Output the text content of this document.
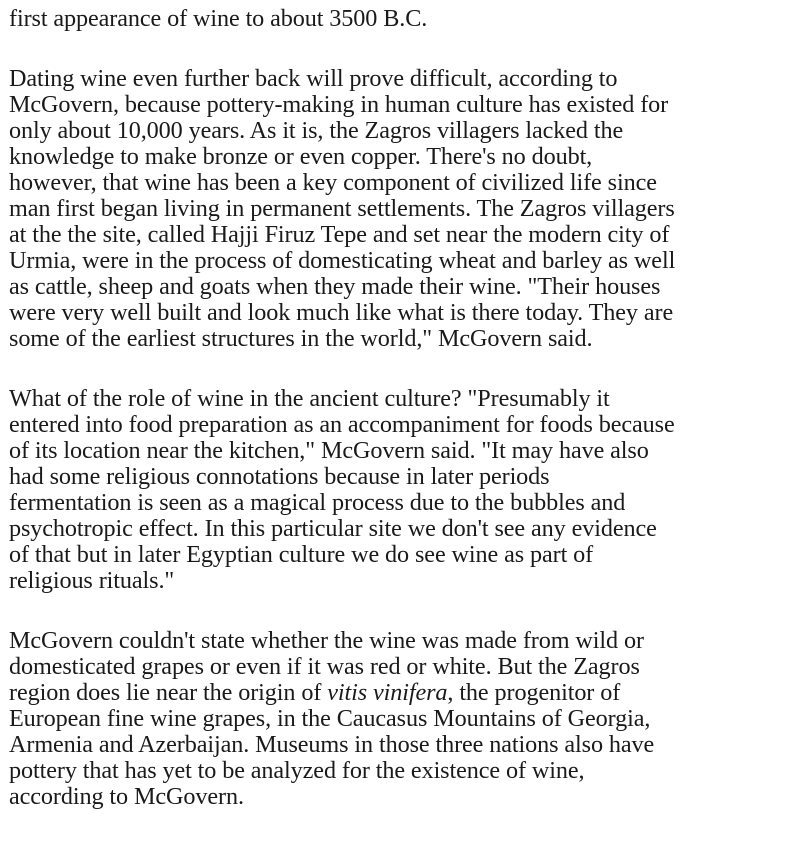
first appearance of wine to about 3500 B.C.
Dating wine even further back will prove difficult, according to
McGovern, because pottery-making in human culture has existed for
only about 10,000 years. As it is, the Zagros villagers lacked the
knowledge to make bronze or even copper. There's no doubt,
however, that wine has been a key component of civilized life since
man first began living in permanent settlements. The Zagros villagers
at the the site, called Hajji Firuz Tepe and set near the modern city of
Urmia, were in the process of domesticating wheat and barley as well
as cattle, sheep and goats when they made their wine. "Their houses
were very well built and look much like what is there today. They are
some of the earliest structures in the world," McGovern said.
What of the role of wine in the ancient culture? "Presumably it
entered into food preparation as an accompaniment for foods because
of its location near the kitchen," McGovern said. "It may have also
had some religious connotations because in later periods
fermentation is seen as a magical process due to the bubbles and
psychotropic effect. In this particular site we don't see any evidence
of that but in later Egyptian culture we do see wine as part of
religious rituals."
McGovern couldn't state whether the wine was made from wild or
domesticated grapes or even if it was red or white. But the Zagros
region does lie near the origin of vitis vinifera, the progenitor of
European fine wine grapes, in the Caucasus Mountains of Georgia,
Armenia and Azerbaijan. Museums in those three nations also have
pottery that has yet to be analyzed for the existence of wine,
according to McGovern.
